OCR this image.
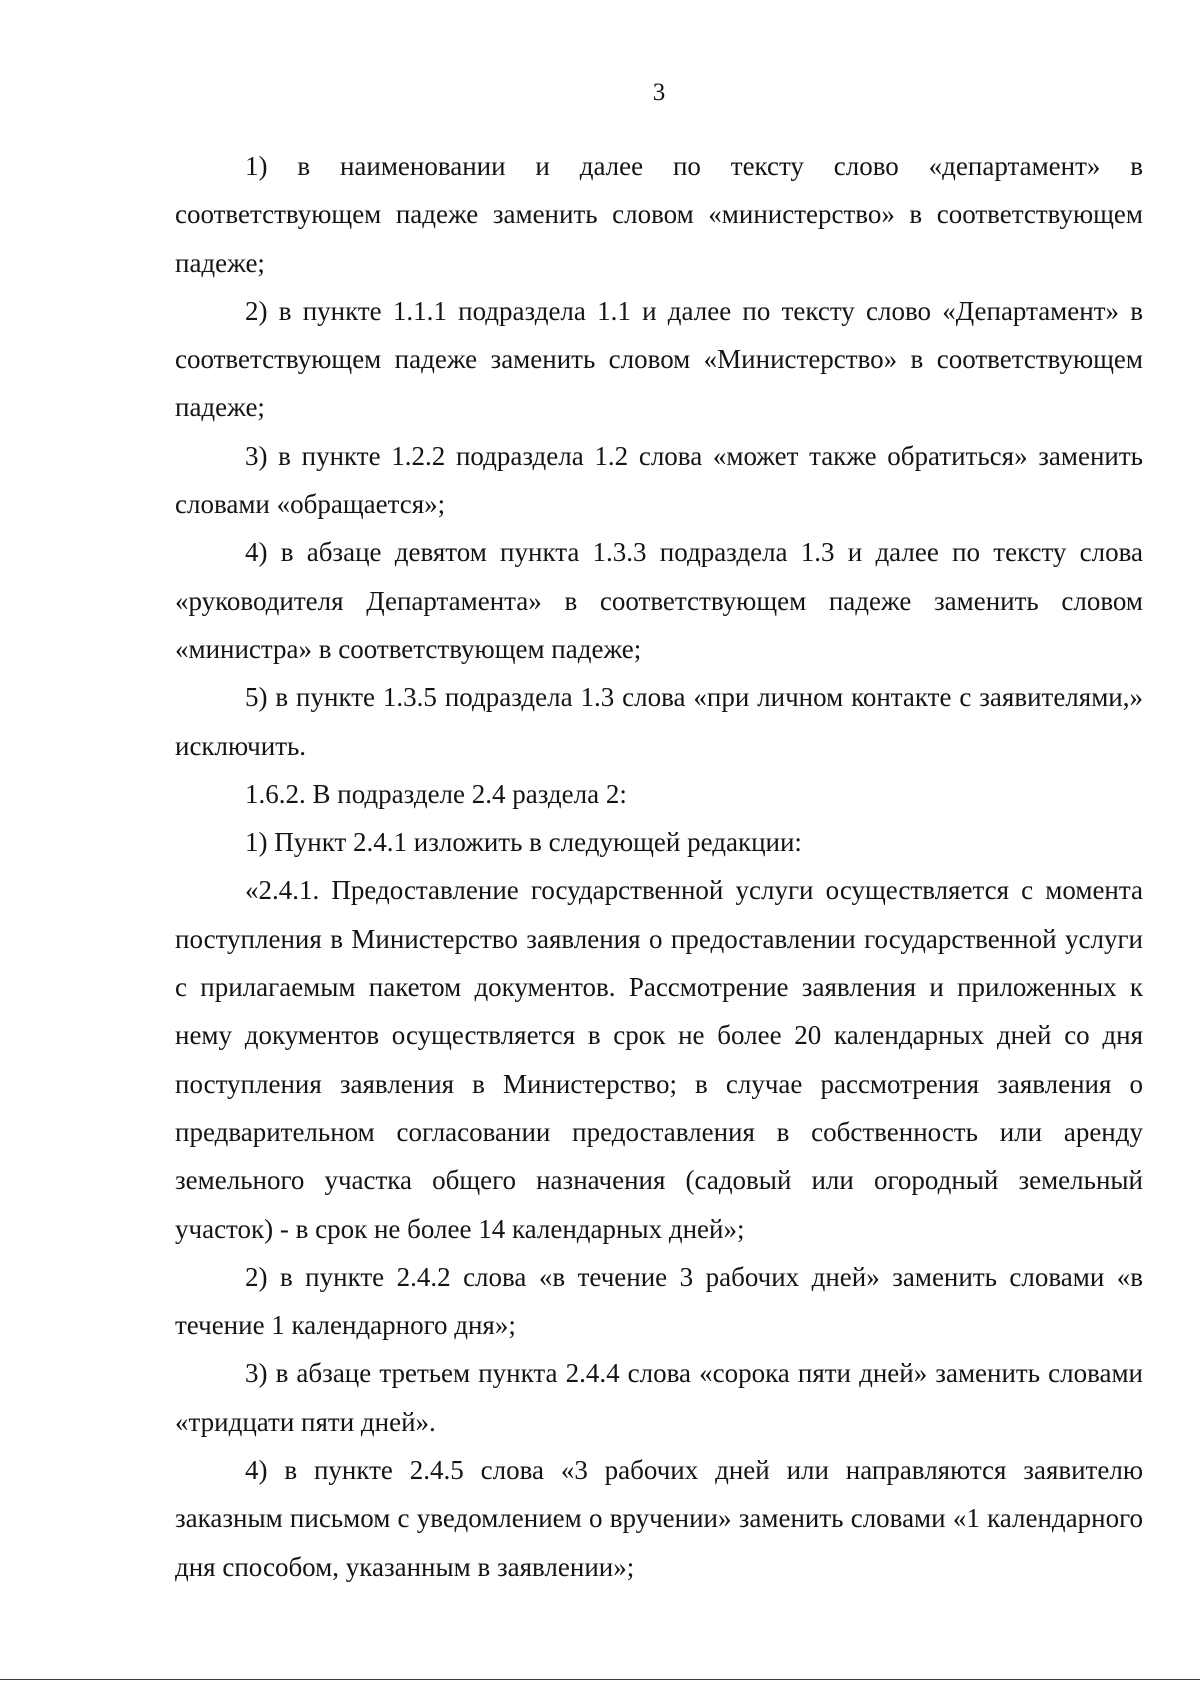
3

1) в наименовании и далее по тексту слово «департамент» в соответствующем падеже заменить словом «министерство» в соответствующем падеже;

2) в пункте 1.1.1 подраздела 1.1 и далее по тексту слово «Департамент» в соответствующем падеже заменить словом «Министерство» в соответствующем падеже;

3) в пункте 1.2.2 подраздела 1.2 слова «может также обратиться» заменить словами «обращается»;

4) в абзаце девятом пункта 1.3.3 подраздела 1.3 и далее по тексту слова «руководителя Департамента» в соответствующем падеже заменить словом «министра» в соответствующем падеже;

5) в пункте 1.3.5 подраздела 1.3 слова «при личном контакте с заявителями,» исключить.

1.6.2. В подразделе 2.4 раздела 2:

1) Пункт 2.4.1 изложить в следующей редакции:

«2.4.1. Предоставление государственной услуги осуществляется с момента поступления в Министерство заявления о предоставлении государственной услуги с прилагаемым пакетом документов. Рассмотрение заявления и приложенных к нему документов осуществляется в срок не более 20 календарных дней со дня поступления заявления в Министерство; в случае рассмотрения заявления о предварительном согласовании предоставления в собственность или аренду земельного участка общего назначения (садовый или огородный земельный участок) - в срок не более 14 календарных дней»;

2) в пункте 2.4.2 слова «в течение 3 рабочих дней» заменить словами «в течение 1 календарного дня»;

3) в абзаце третьем пункта 2.4.4 слова «сорока пяти дней» заменить словами «тридцати пяти дней».

4) в пункте 2.4.5 слова «3 рабочих дней или направляются заявителю заказным письмом с уведомлением о вручении» заменить словами «1 календарного дня способом, указанным в заявлении»;
